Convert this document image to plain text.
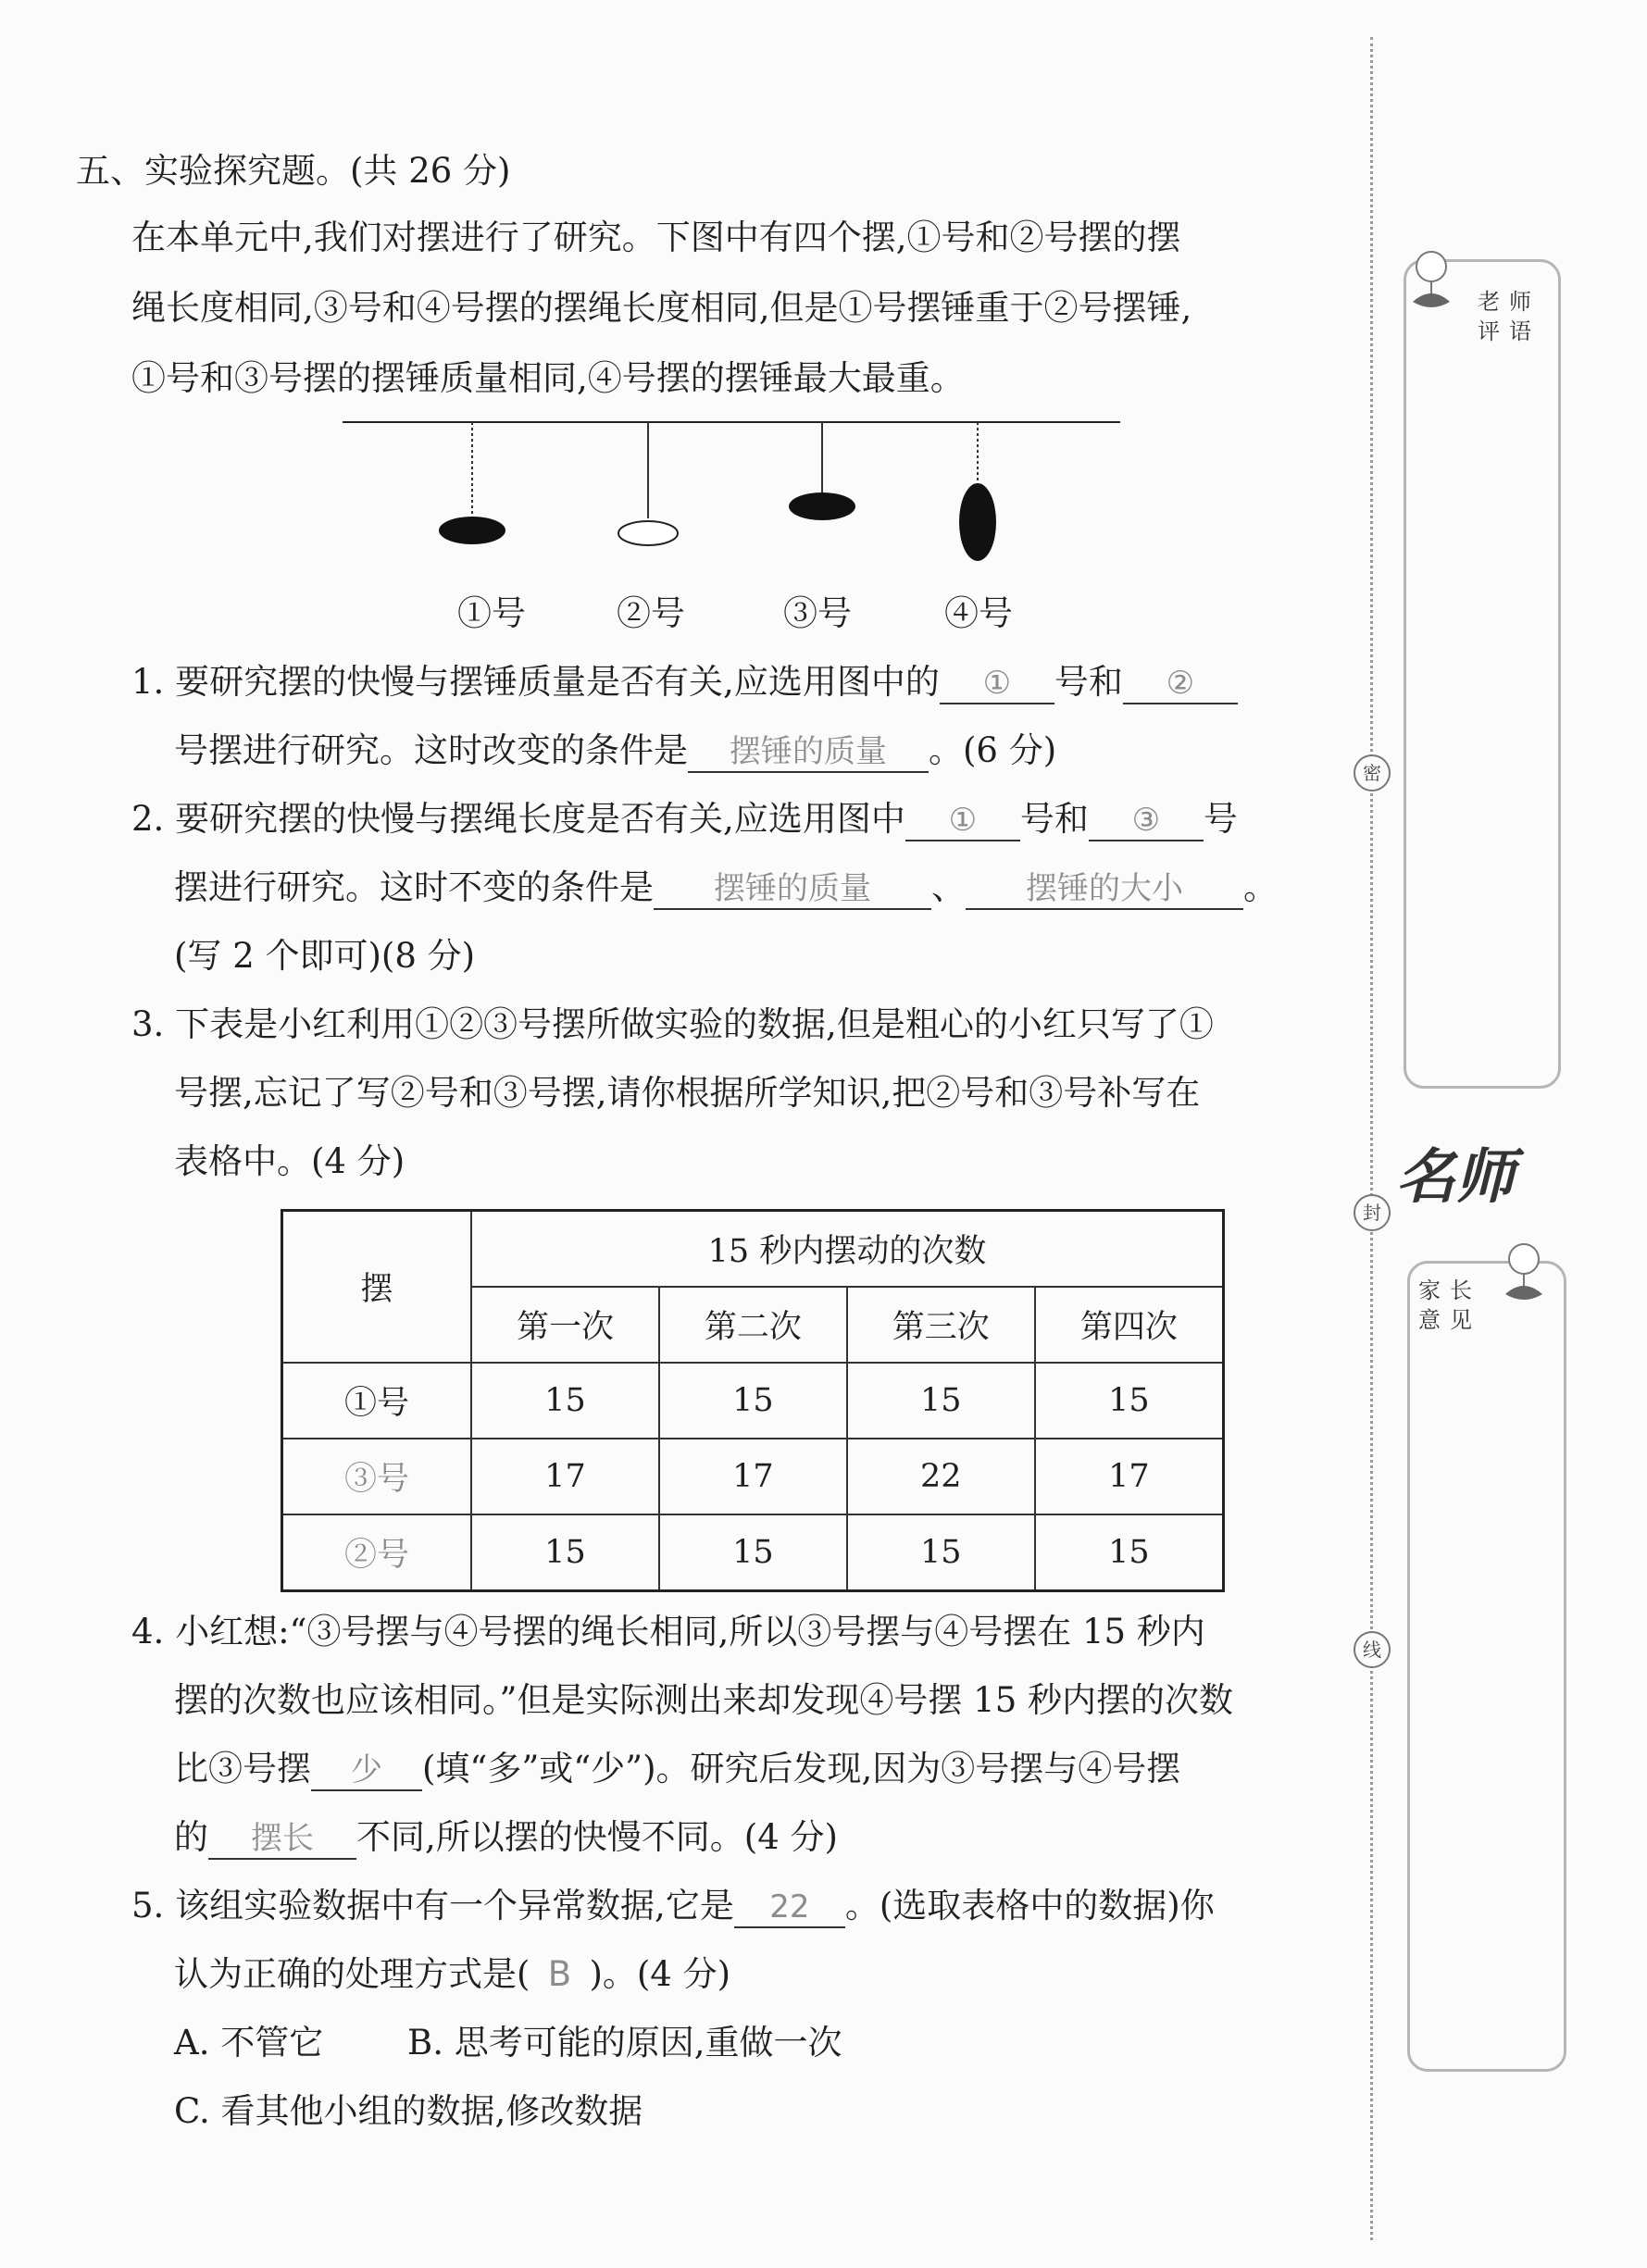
五、实验探究题。(共 26 分)
在本单元中,我们对摆进行了研究。下图中有四个摆,①号和②号摆的摆
绳长度相同,③号和④号摆的摆绳长度相同,但是①号摆锤重于②号摆锤,
①号和③号摆的摆锤质量相同,④号摆的摆锤最大最重。
①号	②号	③号	④号
1. 要研究摆的快慢与摆锤质量是否有关,应选用图中的 ① 号和 ②
号摆进行研究。这时改变的条件是 摆锤的质量 。(6 分)
2. 要研究摆的快慢与摆绳长度是否有关,应选用图中 ① 号和 ③ 号
摆进行研究。这时不变的条件是 摆锤的质量 、 摆锤的大小 。
(写 2 个即可)(8 分)
3. 下表是小红利用①②③号摆所做实验的数据,但是粗心的小红只写了①
号摆,忘记了写②号和③号摆,请你根据所学知识,把②号和③号补写在
表格中。(4 分)
摆	15 秒内摆动的次数			
	第一次	第二次	第三次	第四次
①号	15	15	15	15
③号	17	17	22	17
②号	15	15	15	15
4. 小红想:“③号摆与④号摆的绳长相同,所以③号摆与④号摆在 15 秒内
摆的次数也应该相同。”但是实际测出来却发现④号摆 15 秒内摆的次数
比③号摆 少 (填“多”或“少”)。研究后发现,因为③号摆与④号摆
的 摆长 不同,所以摆的快慢不同。(4 分)
5. 该组实验数据中有一个异常数据,它是 22 。(选取表格中的数据)你
认为正确的处理方式是( B )。(4 分)
A. 不管它 B. 思考可能的原因,重做一次
C. 看其他小组的数据,修改数据
密
封
线
老师
评语
名师
家长
意见
